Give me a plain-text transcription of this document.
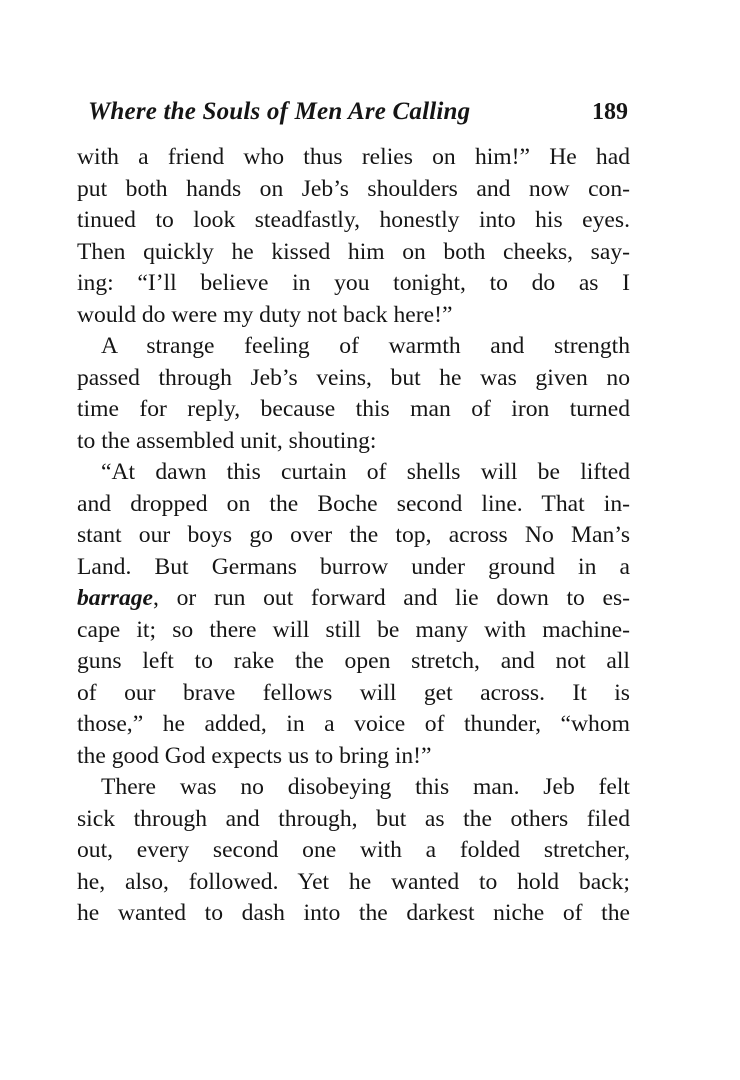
Where the Souls of Men Are Calling	189
with a friend who thus relies on him!” He had
put both hands on Jeb’s shoulders and now con-
tinued to look steadfastly, honestly into his eyes.
Then quickly he kissed him on both cheeks, say-
ing: “I’ll believe in you tonight, to do as I
would do were my duty not back here!”
A strange feeling of warmth and strength
passed through Jeb’s veins, but he was given no
time for reply, because this man of iron turned
to the assembled unit, shouting:
“At dawn this curtain of shells will be lifted
and dropped on the Boche second line. That in-
stant our boys go over the top, across No Man’s
Land. But Germans burrow under ground in a
barrage, or run out forward and lie down to es-
cape it; so there will still be many with machine-
guns left to rake the open stretch, and not all
of our brave fellows will get across. It is
those,” he added, in a voice of thunder, “whom
the good God expects us to bring in!”
There was no disobeying this man. Jeb felt
sick through and through, but as the others filed
out, every second one with a folded stretcher,
he, also, followed. Yet he wanted to hold back;
he wanted to dash into the darkest niche of the
